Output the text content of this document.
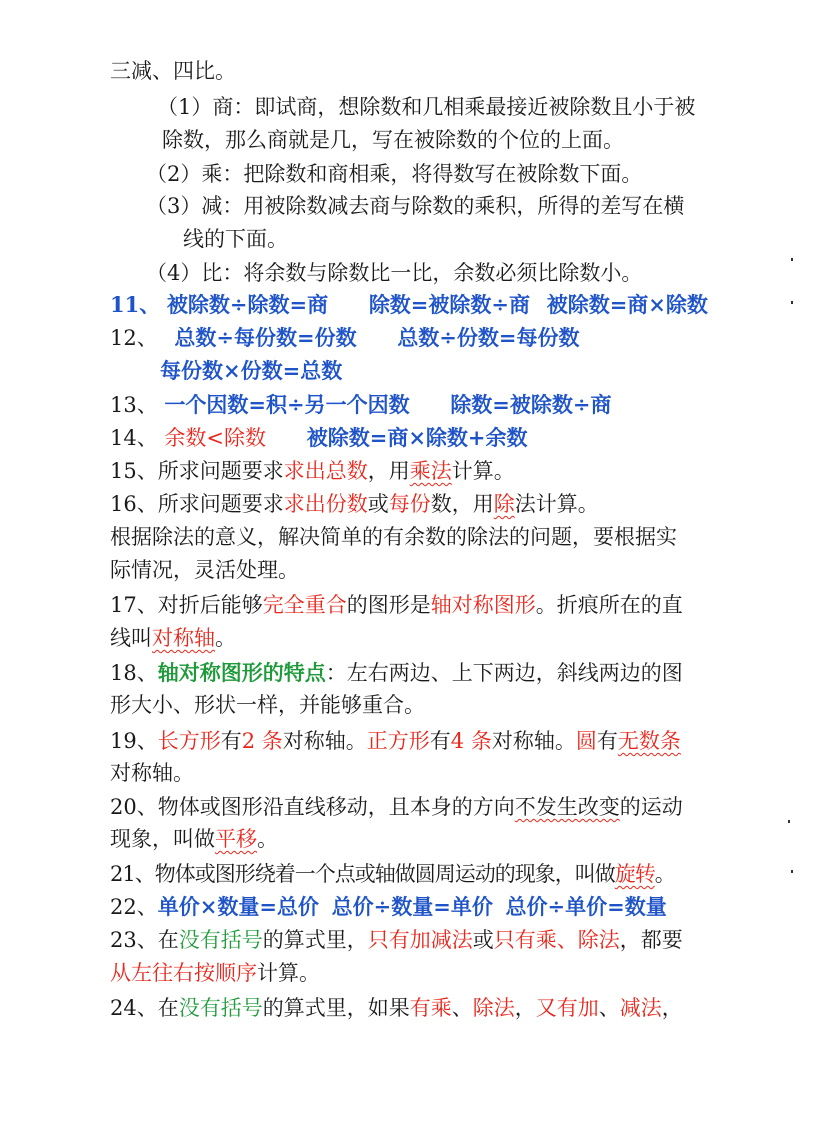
三减、四比。
（1）商：即试商，想除数和几相乘最接近被除数且小于被
除数，那么商就是几，写在被除数的个位的上面。
（2）乘：把除数和商相乘，将得数写在被除数下面。
（3）减：用被除数减去商与除数的乘积，所得的差写在横
线的下面。
（4）比：将余数与除数比一比，余数必须比除数小。
11、 被除数÷除数=商 除数=被除数÷商 被除数=商×除数
12、 总数÷每份数=份数 总数÷份数=每份数
每份数×份数=总数
13、 一个因数=积÷另一个因数 除数=被除数÷商
14、 余数<除数 被除数=商×除数+余数
15、所求问题要求求出总数，用乘法计算。
16、所求问题要求求出份数或每份数，用除法计算。
根据除法的意义，解决简单的有余数的除法的问题，要根据实
际情况，灵活处理。
17、对折后能够完全重合的图形是轴对称图形。折痕所在的直
线叫对称轴。
18、轴对称图形的特点：左右两边、上下两边，斜线两边的图
形大小、形状一样，并能够重合。
19、长方形有2 条对称轴。正方形有4 条对称轴。圆有无数条
对称轴。
20、物体或图形沿直线移动，且本身的方向不发生改变的运动
现象，叫做平移。
21、物体或图形绕着一个点或轴做圆周运动的现象，叫做旋转。
22、单价×数量=总价 总价÷数量=单价 总价÷单价=数量
23、在没有括号的算式里，只有加减法或只有乘、除法，都要
从左往右按顺序计算。
24、在没有括号的算式里，如果有乘、除法，又有加、减法，
